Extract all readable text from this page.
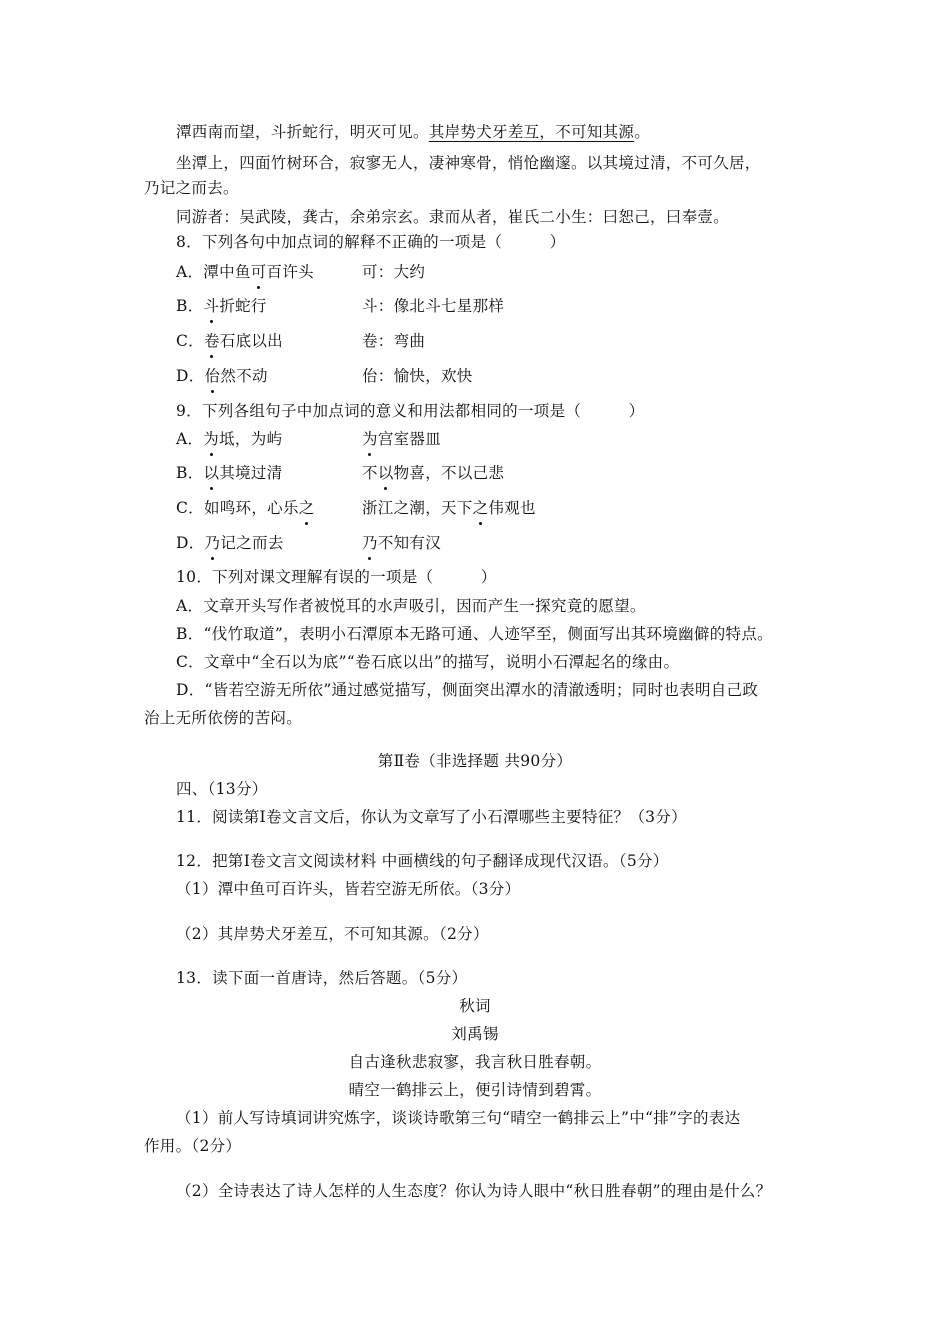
潭西南而望，斗折蛇行，明灭可见。其岸势犬牙差互，不可知其源。
坐潭上，四面竹树环合，寂寥无人，凄神寒骨，悄怆幽邃。以其境过清，不可久居，
乃记之而去。
同游者：吴武陵，龚古，余弟宗玄。隶而从者，崔氏二小生：曰恕己，曰奉壹。
8．下列各句中加点词的解释不正确的一项是（　　　）
A．潭中鱼可百许头	可：大约
B．斗折蛇行	斗：像北斗七星那样
C．卷石底以出	卷：弯曲
D．佁然不动	佁：愉快，欢快
9．下列各组句子中加点词的意义和用法都相同的一项是（　　　）
A．为坻，为屿	为宫室器皿
B．以其境过清	不以物喜，不以己悲
C．如鸣环，心乐之	浙江之潮，天下之伟观也
D．乃记之而去	乃不知有汉
10．下列对课文理解有误的一项是（　　　）
A．文章开头写作者被悦耳的水声吸引，因而产生一探究竟的愿望。
B．“伐竹取道”，表明小石潭原本无路可通、人迹罕至，侧面写出其环境幽僻的特点。
C．文章中“全石以为底”“卷石底以出”的描写，说明小石潭起名的缘由。
D．“皆若空游无所依”通过感觉描写，侧面突出潭水的清澈透明；同时也表明自己政
治上无所依傍的苦闷。
第Ⅱ卷（非选择题 共90分）
四、（13分）
11．阅读第Ⅰ卷文言文后，你认为文章写了小石潭哪些主要特征？（3分）
12．把第Ⅰ卷文言文阅读材料 中画横线的句子翻译成现代汉语。（5分）
（1）潭中鱼可百许头，皆若空游无所依。（3分）
（2）其岸势犬牙差互，不可知其源。（2分）
13．读下面一首唐诗，然后答题。（5分）
秋词
刘禹锡
自古逢秋悲寂寥，我言秋日胜春朝。
晴空一鹤排云上，便引诗情到碧霄。
（1）前人写诗填词讲究炼字，谈谈诗歌第三句“晴空一鹤排云上”中“排”字的表达
作用。（2分）
（2）全诗表达了诗人怎样的人生态度？你认为诗人眼中“秋日胜春朝”的理由是什么？
